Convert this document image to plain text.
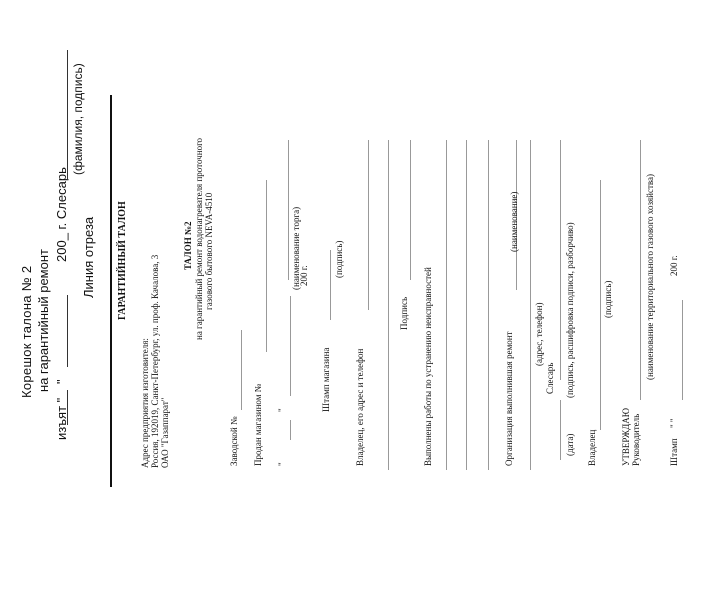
Корешок талона № 2 на гарантийный ремонт
изъят "
"
200_ г. Слесарь
(фамилия, подпись)
Линия отреза ГАРАНТИЙНЫЙ ТАЛОН
Адрес предприятия изготовителя: Россия, 192019, Санкт-Петербург, ул. проф. Качалова, 3 ОАО "Газаппарат"
ТАЛОН №2 на гарантийный ремонт водонагревателя проточного газового бытового NEVA-4510
Заводской № Продан магазином № "
"
(наименование торга)
200 г.
Штамп магазина
(подпись)
Владелец, его адрес и телефон
Подпись Выполнены работы по устранению неисправностей	Организация выполнившая ремонт
(наименование)
(адрес, телефон)
Слесарь
(дата)
(подпись, расшифровка подписи, разборчиво)
Владелец
(подпись)
УТВЕРЖДАЮ Руководитель
(наименование территориального газового хозяйства)
Штамп
" "
200 г.
